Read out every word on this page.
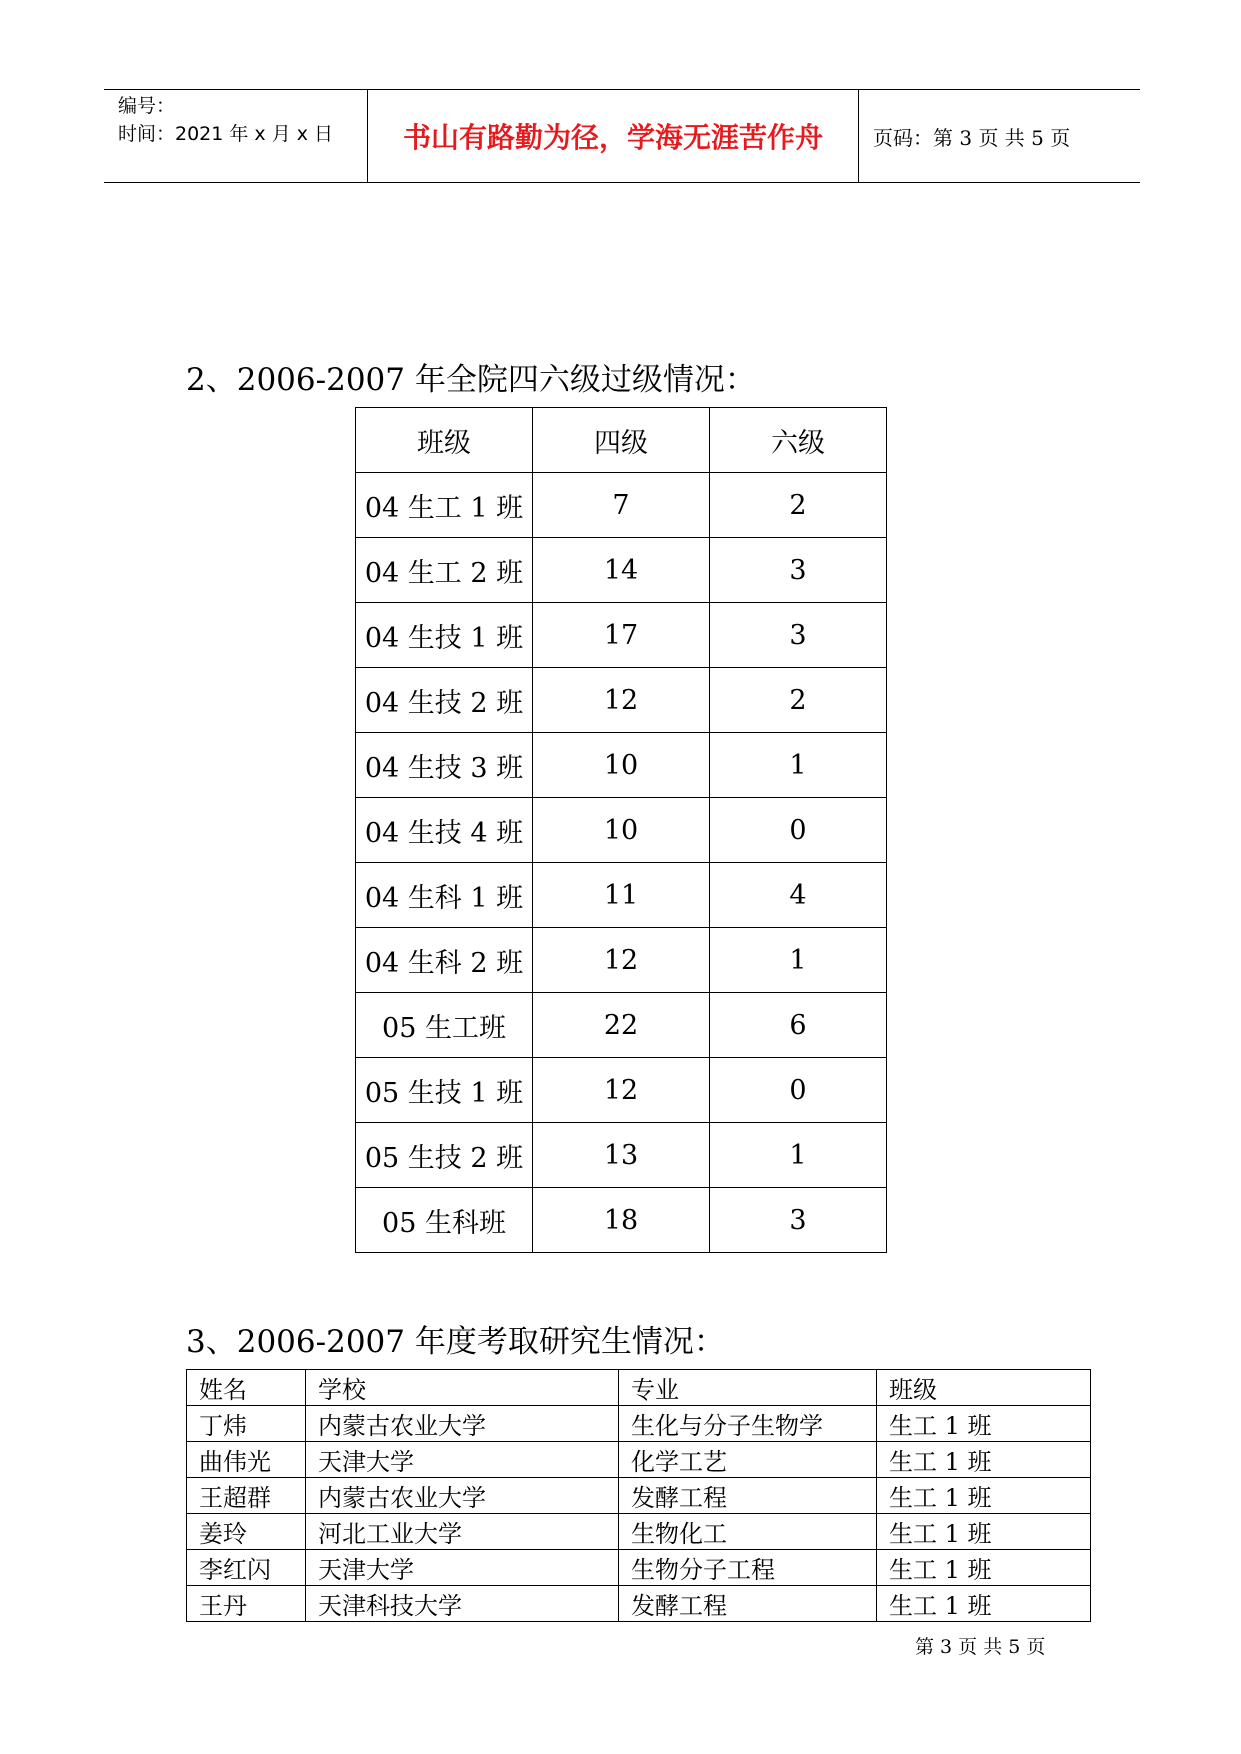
编号：
时间：2021 年 x 月 x 日	书山有路勤为径，学海无涯苦作舟	页码：第 3 页 共 5 页
2、2006-2007 年全院四六级过级情况：
班级	四级	六级
04 生工 1 班	7	2
04 生工 2 班	14	3
04 生技 1 班	17	3
04 生技 2 班	12	2
04 生技 3 班	10	1
04 生技 4 班	10	0
04 生科 1 班	11	4
04 生科 2 班	12	1
05 生工班	22	6
05 生技 1 班	12	0
05 生技 2 班	13	1
05 生科班	18	3
3、2006-2007 年度考取研究生情况：
姓名	学校	专业	班级
丁炜	内蒙古农业大学	生化与分子生物学	生工 1 班
曲伟光	天津大学	化学工艺	生工 1 班
王超群	内蒙古农业大学	发酵工程	生工 1 班
姜玲	河北工业大学	生物化工	生工 1 班
李红闪	天津大学	生物分子工程	生工 1 班
王丹	天津科技大学	发酵工程	生工 1 班
第 3 页 共 5 页
